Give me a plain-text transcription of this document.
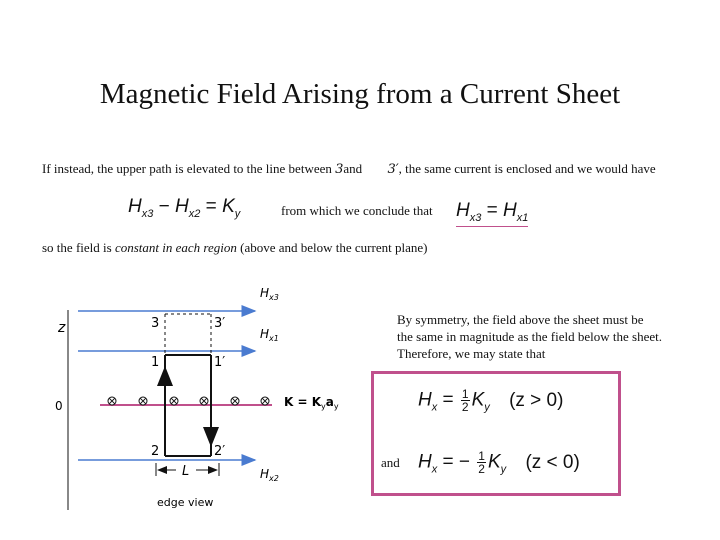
Magnetic Field Arising from a Current Sheet
If instead, the upper path is elevated to the line between 3and 3′, the same current is enclosed and we would have
$H_{x3} - H_{x2} = K_y$	from which we conclude that $H_{x3} = H_{x1}$
so the field is constant in each region (above and below the current plane)
By symmetry, the field above the sheet must be
the same in magnitude as the field below the sheet.
Therefore, we may state that
$H_x = \frac{1}{2} K_y$ (z > 0)
and $H_x$ = − $\frac{1}{2} K_y$ (z < 0)
z
0
3	3′
1	1′
2	2′
$H_{x3}$
$H_{x1}$
$H_{x2}$
$K = K_ya_y$
L
edge view
